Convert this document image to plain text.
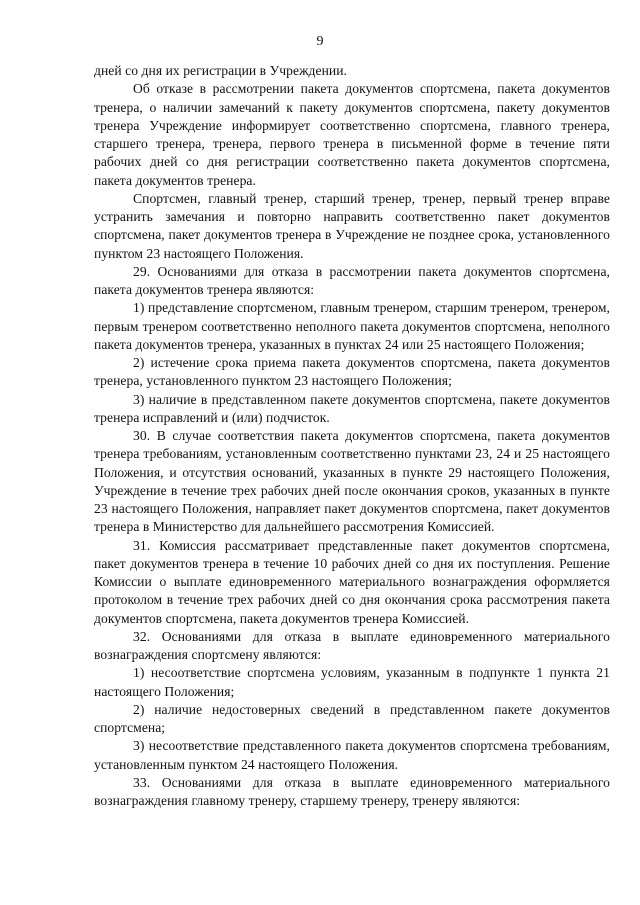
9

дней со дня их регистрации в Учреждении.

Об отказе в рассмотрении пакета документов спортсмена, пакета документов тренера, о наличии замечаний к пакету документов спортсмена, пакету документов тренера Учреждение информирует соответственно спортсмена, главного тренера, старшего тренера, тренера, первого тренера в письменной форме в течение пяти рабочих дней со дня регистрации соответственно пакета документов спортсмена, пакета документов тренера.

Спортсмен, главный тренер, старший тренер, тренер, первый тренер вправе устранить замечания и повторно направить соответственно пакет документов спортсмена, пакет документов тренера в Учреждение не позднее срока, установленного пунктом 23 настоящего Положения.

29. Основаниями для отказа в рассмотрении пакета документов спортсмена, пакета документов тренера являются:

1) представление спортсменом, главным тренером, старшим тренером, тренером, первым тренером соответственно неполного пакета документов спортсмена, неполного пакета документов тренера, указанных в пунктах 24 или 25 настоящего Положения;

2) истечение срока приема пакета документов спортсмена, пакета документов тренера, установленного пунктом 23 настоящего Положения;

3) наличие в представленном пакете документов спортсмена, пакете документов тренера исправлений и (или) подчисток.

30. В случае соответствия пакета документов спортсмена, пакета документов тренера требованиям, установленным соответственно пунктами 23, 24 и 25 настоящего Положения, и отсутствия оснований, указанных в пункте 29 настоящего Положения, Учреждение в течение трех рабочих дней после окончания сроков, указанных в пункте 23 настоящего Положения, направляет пакет документов спортсмена, пакет документов тренера в Министерство для дальнейшего рассмотрения Комиссией.

31. Комиссия рассматривает представленные пакет документов спортсмена, пакет документов тренера в течение 10 рабочих дней со дня их поступления. Решение Комиссии о выплате единовременного материального вознаграждения оформляется протоколом в течение трех рабочих дней со дня окончания срока рассмотрения пакета документов спортсмена, пакета документов тренера Комиссией.

32. Основаниями для отказа в выплате единовременного материального вознаграждения спортсмену являются:

1) несоответствие спортсмена условиям, указанным в подпункте 1 пункта 21 настоящего Положения;

2) наличие недостоверных сведений в представленном пакете документов спортсмена;

3) несоответствие представленного пакета документов спортсмена требованиям, установленным пунктом 24 настоящего Положения.

33. Основаниями для отказа в выплате единовременного материального вознаграждения главному тренеру, старшему тренеру, тренеру являются:
